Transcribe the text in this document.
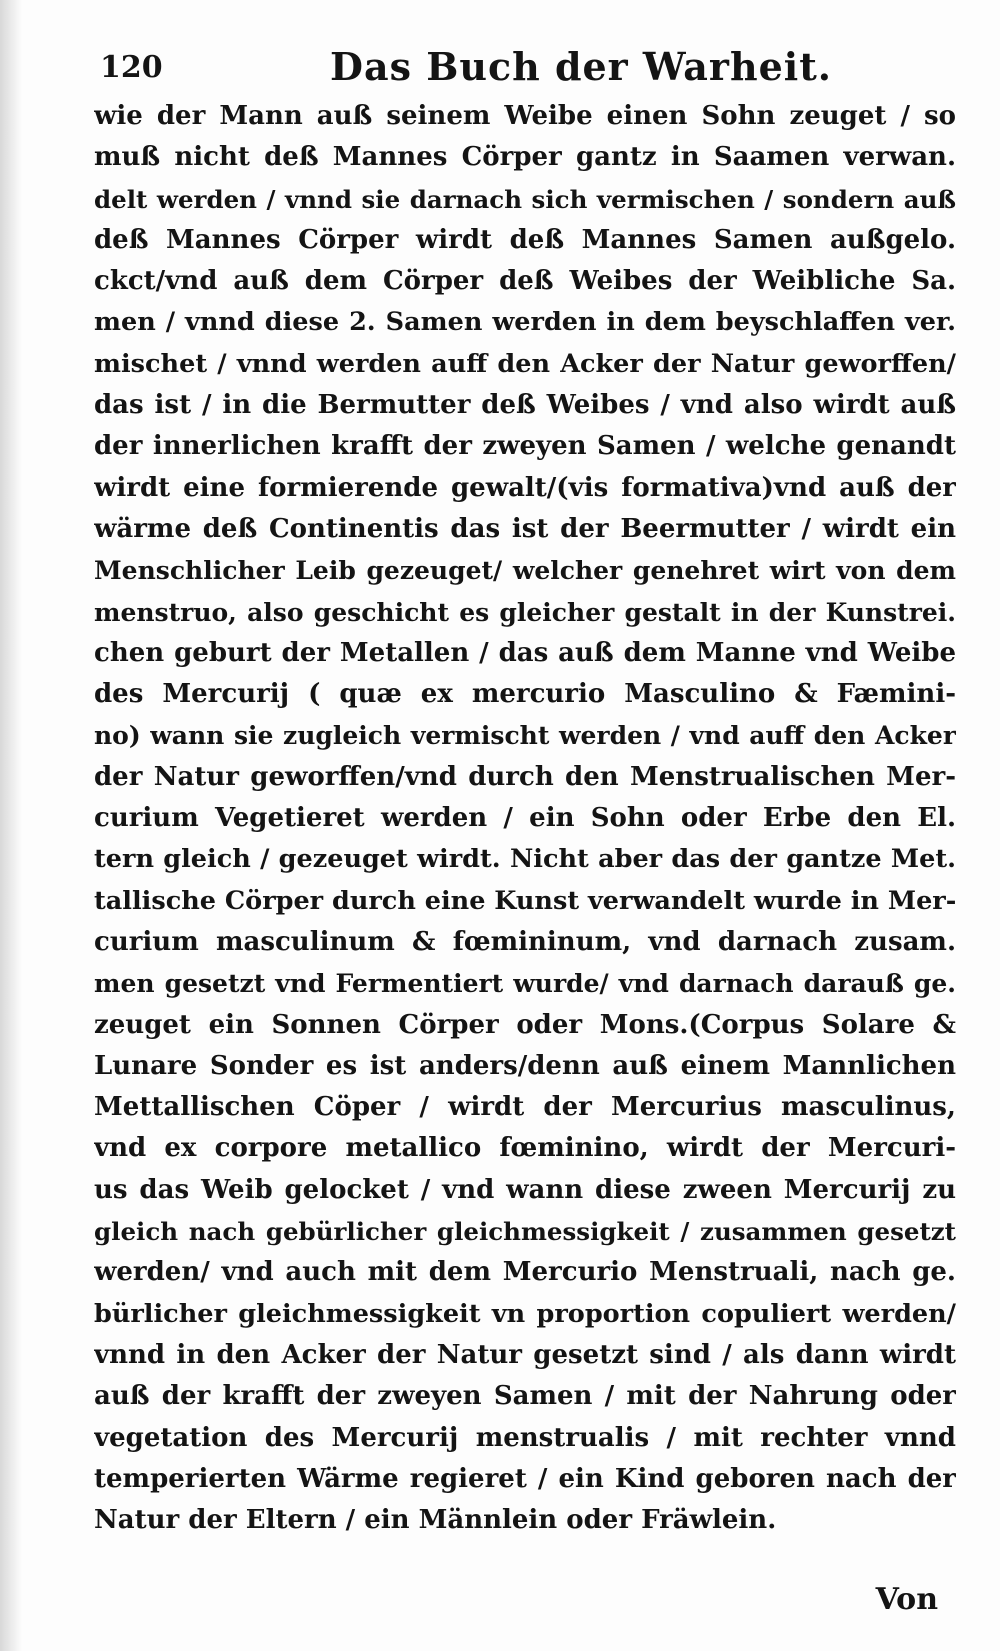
120	Das Buch der Warheit.
wie der Mann auß seinem Weibe einen Sohn zeuget / so
muß nicht deß Mannes Cörper gantz in Saamen verwan.
delt werden / vnnd sie darnach sich vermischen / sondern auß
deß Mannes Cörper wirdt deß Mannes Samen außgelo.
ckct/vnd auß dem Cörper deß Weibes der Weibliche Sa.
men / vnnd diese 2. Samen werden in dem beyschlaffen ver.
mischet / vnnd werden auff den Acker der Natur geworffen/
das ist / in die Bermutter deß Weibes / vnd also wirdt auß
der innerlichen krafft der zweyen Samen / welche genandt
wirdt eine formierende gewalt/(vis formativa)vnd auß der
wärme deß Continentis das ist der Beermutter / wirdt ein
Menschlicher Leib gezeuget/ welcher genehret wirt von dem
menstruo, also geschicht es gleicher gestalt in der Kunstrei.
chen geburt der Metallen / das auß dem Manne vnd Weibe
des Mercurij ( quæ ex mercurio Masculino & Fæmini-
no) wann sie zugleich vermischt werden / vnd auff den Acker
der Natur geworffen/vnd durch den Menstrualischen Mer-
curium Vegetieret werden / ein Sohn oder Erbe den El.
tern gleich / gezeuget wirdt. Nicht aber das der gantze Met.
tallische Cörper durch eine Kunst verwandelt wurde in Mer-
curium masculinum & fœmininum, vnd darnach zusam.
men gesetzt vnd Fermentiert wurde/ vnd darnach darauß ge.
zeuget ein Sonnen Cörper oder Mons.(Corpus Solare &
Lunare Sonder es ist anders/denn auß einem Mannlichen
Mettallischen Cöper / wirdt der Mercurius masculinus,
vnd ex corpore metallico fœminino, wirdt der Mercuri-
us das Weib gelocket / vnd wann diese zween Mercurij zu
gleich nach gebürlicher gleichmessigkeit / zusammen gesetzt
werden/ vnd auch mit dem Mercurio Menstruali, nach ge.
bürlicher gleichmessigkeit vn proportion copuliert werden/
vnnd in den Acker der Natur gesetzt sind / als dann wirdt
auß der krafft der zweyen Samen / mit der Nahrung oder
vegetation des Mercurij menstrualis / mit rechter vnnd
temperierten Wärme regieret / ein Kind geboren nach der
Natur der Eltern / ein Männlein oder Fräwlein.
Von
